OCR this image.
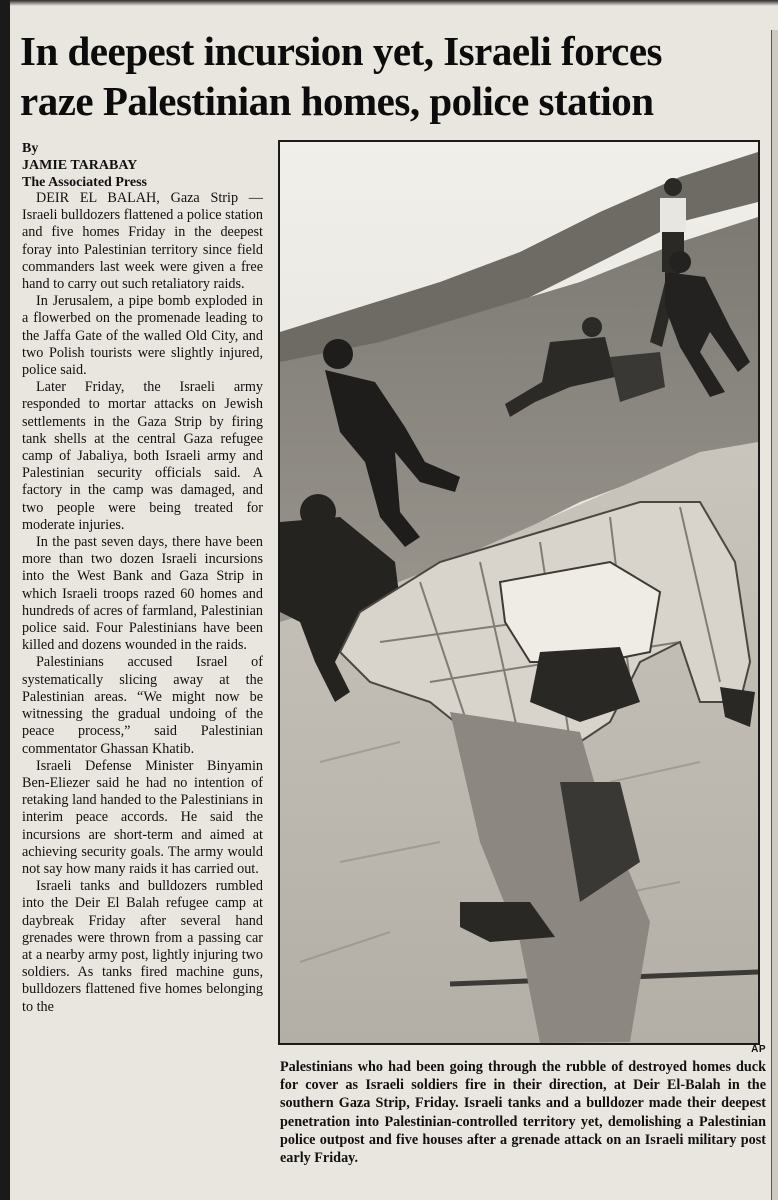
In deepest incursion yet, Israeli forces
raze Palestinian homes, police station
By
JAMIE TARABAY
The Associated Press

DEIR EL BALAH, Gaza Strip — Israeli bulldozers flattened a police station and five homes Friday in the deepest foray into Palestinian territory since field commanders last week were given a free hand to carry out such retaliatory raids.

In Jerusalem, a pipe bomb exploded in a flowerbed on the promenade leading to the Jaffa Gate of the walled Old City, and two Polish tourists were slightly injured, police said.

Later Friday, the Israeli army responded to mortar attacks on Jewish settlements in the Gaza Strip by firing tank shells at the central Gaza refugee camp of Jabaliya, both Israeli army and Palestinian security officials said. A factory in the camp was damaged, and two people were being treated for moderate injuries.

In the past seven days, there have been more than two dozen Israeli incursions into the West Bank and Gaza Strip in which Israeli troops razed 60 homes and hundreds of acres of farmland, Palestinian police said. Four Palestinians have been killed and dozens wounded in the raids.

Palestinians accused Israel of systematically slicing away at the Palestinian areas. “We might now be witnessing the gradual undoing of the peace process,” said Palestinian commentator Ghassan Khatib.

Israeli Defense Minister Binyamin Ben-Eliezer said he had no intention of retaking land handed to the Palestinians in interim peace accords. He said the incursions are short-term and aimed at achieving security goals. The army would not say how many raids it has carried out.

Israeli tanks and bulldozers rumbled into the Deir El Balah refugee camp at daybreak Friday after several hand grenades were thrown from a passing car at a nearby army post, lightly injuring two soldiers. As tanks fired machine guns, bulldozers flattened five homes belonging to the

AP
Palestinians who had been going through the rubble of destroyed homes duck for cover as Israeli soldiers fire in their direction, at Deir El-Balah in the southern Gaza Strip, Friday. Israeli tanks and a bulldozer made their deepest penetration into Palestinian-controlled territory yet, demolishing a Palestinian police outpost and five houses after a grenade attack on an Israeli military post early Friday.
